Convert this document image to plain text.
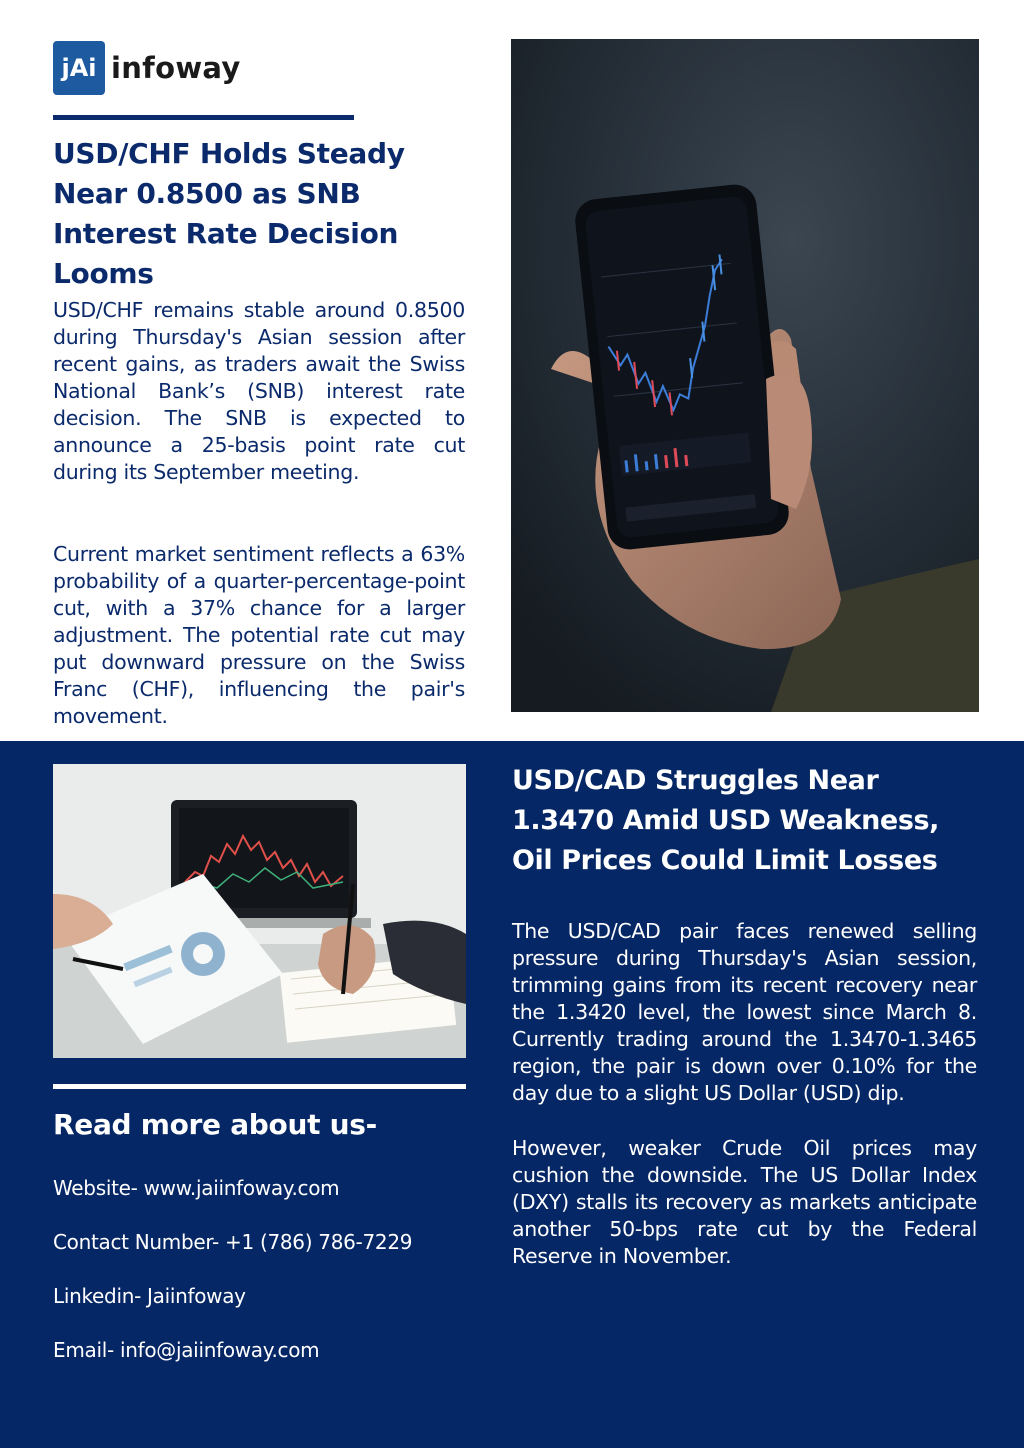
jAi infoway
USD/CHF Holds Steady Near 0.8500 as SNB Interest Rate Decision Looms

USD/CHF remains stable around 0.8500 during Thursday's Asian session after recent gains, as traders await the Swiss National Bank’s (SNB) interest rate decision. The SNB is expected to announce a 25-basis point rate cut during its September meeting.

Current market sentiment reflects a 63% probability of a quarter-percentage-point cut, with a 37% chance for a larger adjustment. The potential rate cut may put downward pressure on the Swiss Franc (CHF), influencing the pair's movement.

Read more about us-

Website- www.jaiinfoway.com

Contact Number- +1 (786) 786-7229

Linkedin- Jaiinfoway

Email- info@jaiinfoway.com

USD/CAD Struggles Near 1.3470 Amid USD Weakness, Oil Prices Could Limit Losses

The USD/CAD pair faces renewed selling pressure during Thursday's Asian session, trimming gains from its recent recovery near the 1.3420 level, the lowest since March 8. Currently trading around the 1.3470-1.3465 region, the pair is down over 0.10% for the day due to a slight US Dollar (USD) dip.

However, weaker Crude Oil prices may cushion the downside. The US Dollar Index (DXY) stalls its recovery as markets anticipate another 50-bps rate cut by the Federal Reserve in November.
